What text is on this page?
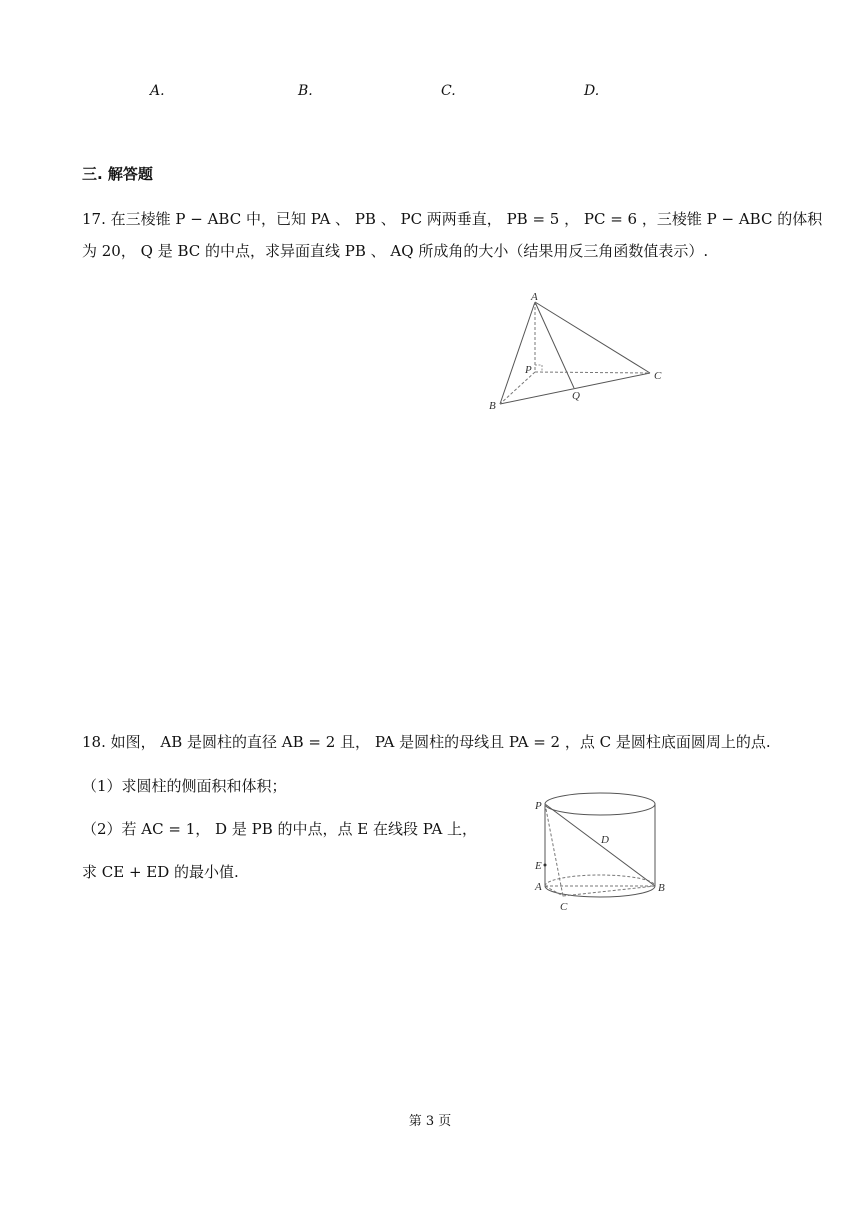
A.	B.	C.	D.
三. 解答题
17. 在三棱锥 P − ABC 中，已知 PA 、 PB 、 PC 两两垂直， PB = 5 ， PC = 6 ，三棱锥 P − ABC 的体积
为 20， Q 是 BC 的中点，求异面直线 PB 、 AQ 所成角的大小（结果用反三角函数值表示）.
A
P
B
C
Q
18. 如图， AB 是圆柱的直径 AB = 2 且， PA 是圆柱的母线且 PA = 2 ，点 C 是圆柱底面圆周上的点.
（1）求圆柱的侧面积和体积；
（2）若 AC = 1， D 是 PB 的中点，点 E 在线段 PA 上，
求 CE + ED 的最小值.
P
D
E
A	B
C
第 3 页
